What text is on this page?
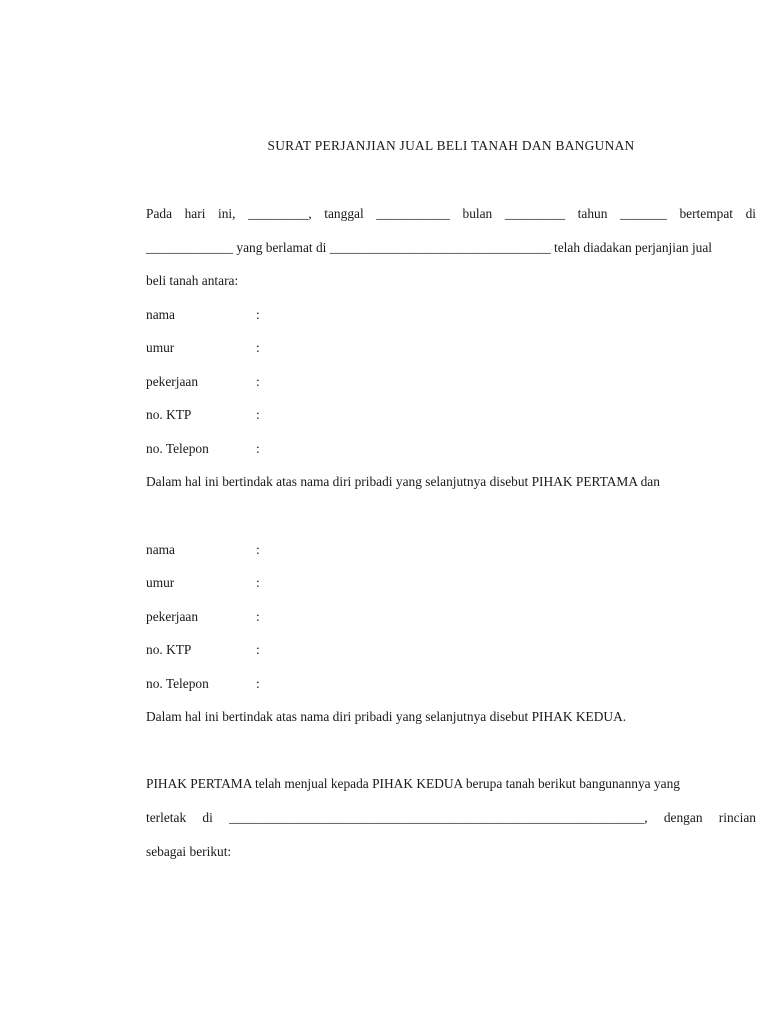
SURAT PERJANJIAN JUAL BELI TANAH DAN BANGUNAN
Pada hari ini, _________, tanggal ___________ bulan _________ tahun _______ bertempat di
_____________ yang berlamat di _________________________________ telah diadakan perjanjian jual
beli tanah antara:
nama	:
umur	:
pekerjaan	:
no. KTP	:
no. Telepon	:
Dalam hal ini bertindak atas nama diri pribadi yang selanjutnya disebut PIHAK PERTAMA dan
nama	:
umur	:
pekerjaan	:
no. KTP	:
no. Telepon	:
Dalam hal ini bertindak atas nama diri pribadi yang selanjutnya disebut PIHAK KEDUA.
PIHAK PERTAMA telah menjual kepada PIHAK KEDUA berupa tanah berikut bangunannya yang
terletak di ______________________________________________________________, dengan rincian
sebagai berikut:
